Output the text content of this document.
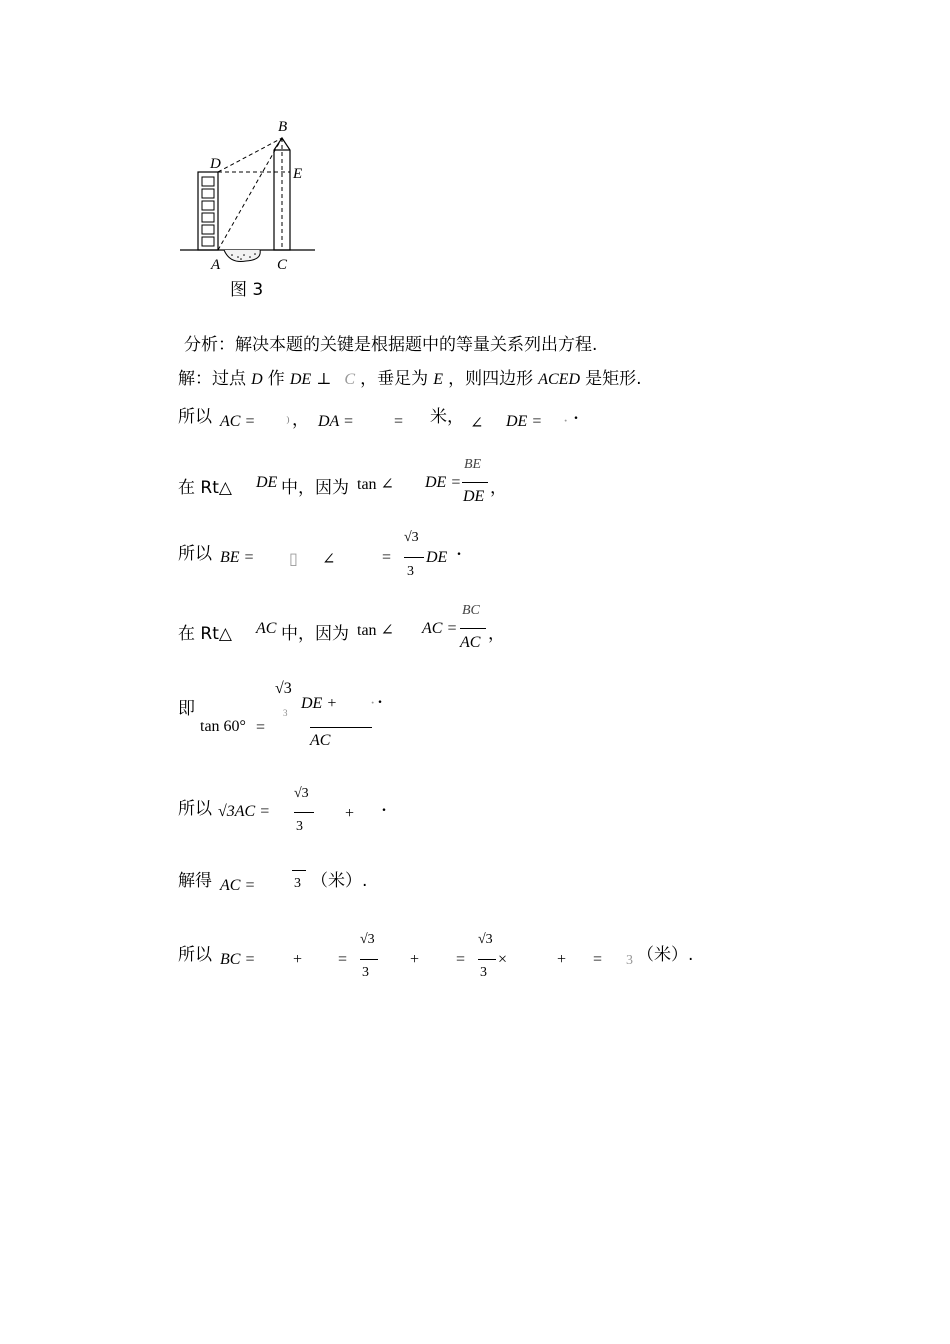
B
D
E
A	C
图 3
分析：解决本题的关键是根据题中的等量关系列出方程.
解：过点 D 作 DE ⊥ C ，垂足为 E ，则四边形 ACED 是矩形.
所以 AC = ⁾ ， DA =	= 米， ∠ DE = · .
在 Rt△ DE 中，因为 tan ∠ DE =
BE
DE ，
所以 BE = ▯ ∠	=
√3
3
DE .
在 Rt△ AC 中，因为 tan ∠ AC =
BC
AC ，
即
√3
3
DE + · .
tan 60° =
AC
所以 √3AC =
√3
3
+ .
解得 AC =	3 （米）.
所以 BC = + =
√3
3
+ =
√3
3
×	+ = 3 （米）.
